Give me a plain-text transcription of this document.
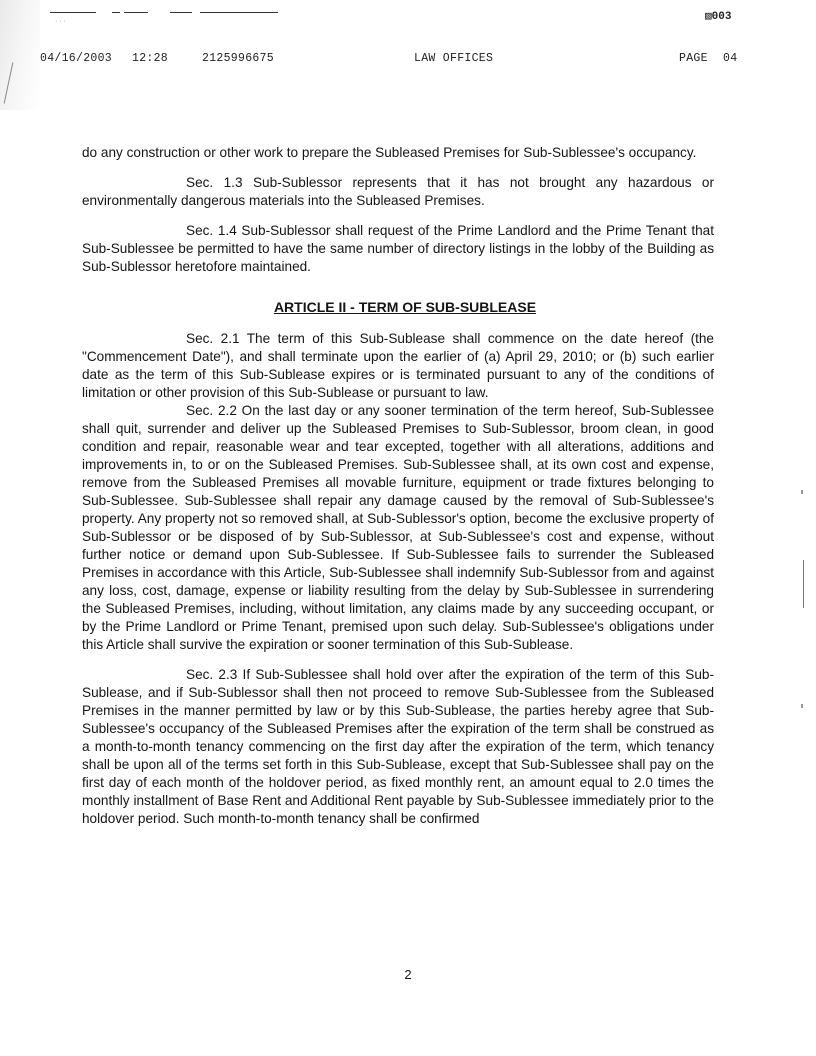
· · ·	▧003
04/16/2003 12:28	2125996675	LAW OFFICES	PAGE 04

do any construction or other work to prepare the Subleased Premises for Sub-Sublessee's occupancy.

Sec. 1.3 Sub-Sublessor represents that it has not brought any hazardous or environmentally dangerous materials into the Subleased Premises.

Sec. 1.4 Sub-Sublessor shall request of the Prime Landlord and the Prime Tenant that Sub-Sublessee be permitted to have the same number of directory listings in the lobby of the Building as Sub-Sublessor heretofore maintained.

ARTICLE II - TERM OF SUB-SUBLEASE

Sec. 2.1 The term of this Sub-Sublease shall commence on the date hereof (the "Commencement Date"), and shall terminate upon the earlier of (a) April 29, 2010; or (b) such earlier date as the term of this Sub-Sublease expires or is terminated pursuant to any of the conditions of limitation or other provision of this Sub-Sublease or pursuant to law.

Sec. 2.2 On the last day or any sooner termination of the term hereof, Sub-Sublessee shall quit, surrender and deliver up the Subleased Premises to Sub-Sublessor, broom clean, in good condition and repair, reasonable wear and tear excepted, together with all alterations, additions and improvements in, to or on the Subleased Premises. Sub-Sublessee shall, at its own cost and expense, remove from the Subleased Premises all movable furniture, equipment or trade fixtures belonging to Sub-Sublessee. Sub-Sublessee shall repair any damage caused by the removal of Sub-Sublessee's property. Any property not so removed shall, at Sub-Sublessor's option, become the exclusive property of Sub-Sublessor or be disposed of by Sub-Sublessor, at Sub-Sublessee's cost and expense, without further notice or demand upon Sub-Sublessee. If Sub-Sublessee fails to surrender the Subleased Premises in accordance with this Article, Sub-Sublessee shall indemnify Sub-Sublessor from and against any loss, cost, damage, expense or liability resulting from the delay by Sub-Sublessee in surrendering the Subleased Premises, including, without limitation, any claims made by any succeeding occupant, or by the Prime Landlord or Prime Tenant, premised upon such delay. Sub-Sublessee's obligations under this Article shall survive the expiration or sooner termination of this Sub-Sublease.

Sec. 2.3 If Sub-Sublessee shall hold over after the expiration of the term of this Sub-Sublease, and if Sub-Sublessor shall then not proceed to remove Sub-Sublessee from the Subleased Premises in the manner permitted by law or by this Sub-Sublease, the parties hereby agree that Sub-Sublessee's occupancy of the Subleased Premises after the expiration of the term shall be construed as a month-to-month tenancy commencing on the first day after the expiration of the term, which tenancy shall be upon all of the terms set forth in this Sub-Sublease, except that Sub-Sublessee shall pay on the first day of each month of the holdover period, as fixed monthly rent, an amount equal to 2.0 times the monthly installment of Base Rent and Additional Rent payable by Sub-Sublessee immediately prior to the holdover period. Such month-to-month tenancy shall be confirmed

2
